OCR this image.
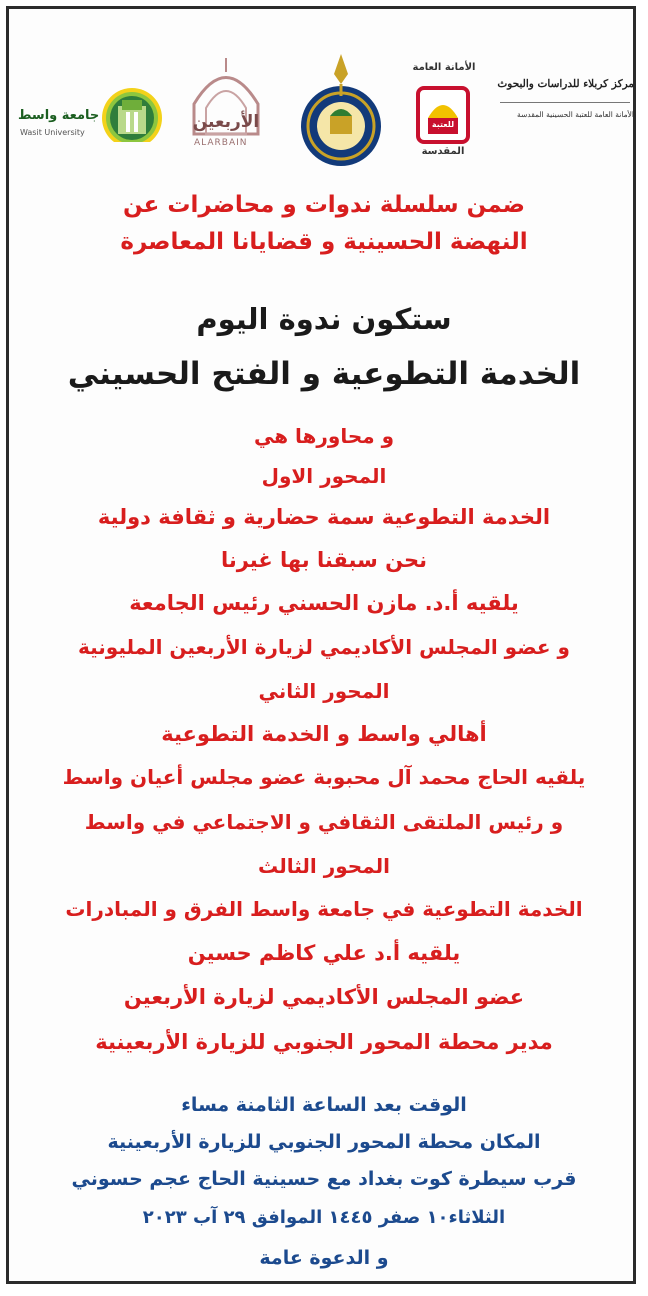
جامعة واسط
Wasit University
الأربعين
ALARBAIN
الأمانة العامة
للعتبة
المقدسة
مركز كربلاء للدراسات والبحوث
الأمانة العامة للعتبة الحسينية المقدسة
ضمن سلسلة ندوات و محاضرات عن
النهضة الحسينية و قضايانا المعاصرة
ستكون ندوة اليوم
الخدمة التطوعية و الفتح الحسيني
و محاورها هي
المحور الاول
الخدمة التطوعية سمة حضارية و ثقافة دولية
نحن سبقنا بها غيرنا
يلقيه أ.د. مازن الحسني رئيس الجامعة
و عضو المجلس الأكاديمي لزيارة الأربعين المليونية
المحور الثاني
أهالي واسط و الخدمة التطوعية
يلقيه الحاج محمد آل محبوبة عضو مجلس أعيان واسط
و رئيس الملتقى الثقافي و الاجتماعي في واسط
المحور الثالث
الخدمة التطوعية في جامعة واسط الفرق و المبادرات
يلقيه أ.د علي كاظم حسين
عضو المجلس الأكاديمي لزيارة الأربعين
مدير محطة المحور الجنوبي للزيارة الأربعينية
الوقت بعد الساعة الثامنة مساء
المكان محطة المحور الجنوبي للزيارة الأربعينية
قرب سيطرة كوت بغداد مع حسينية الحاج عجم حسوني
الثلاثاء١٠ صفر ١٤٤٥ الموافق ٢٩ آب ٢٠٢٣
و الدعوة عامة
